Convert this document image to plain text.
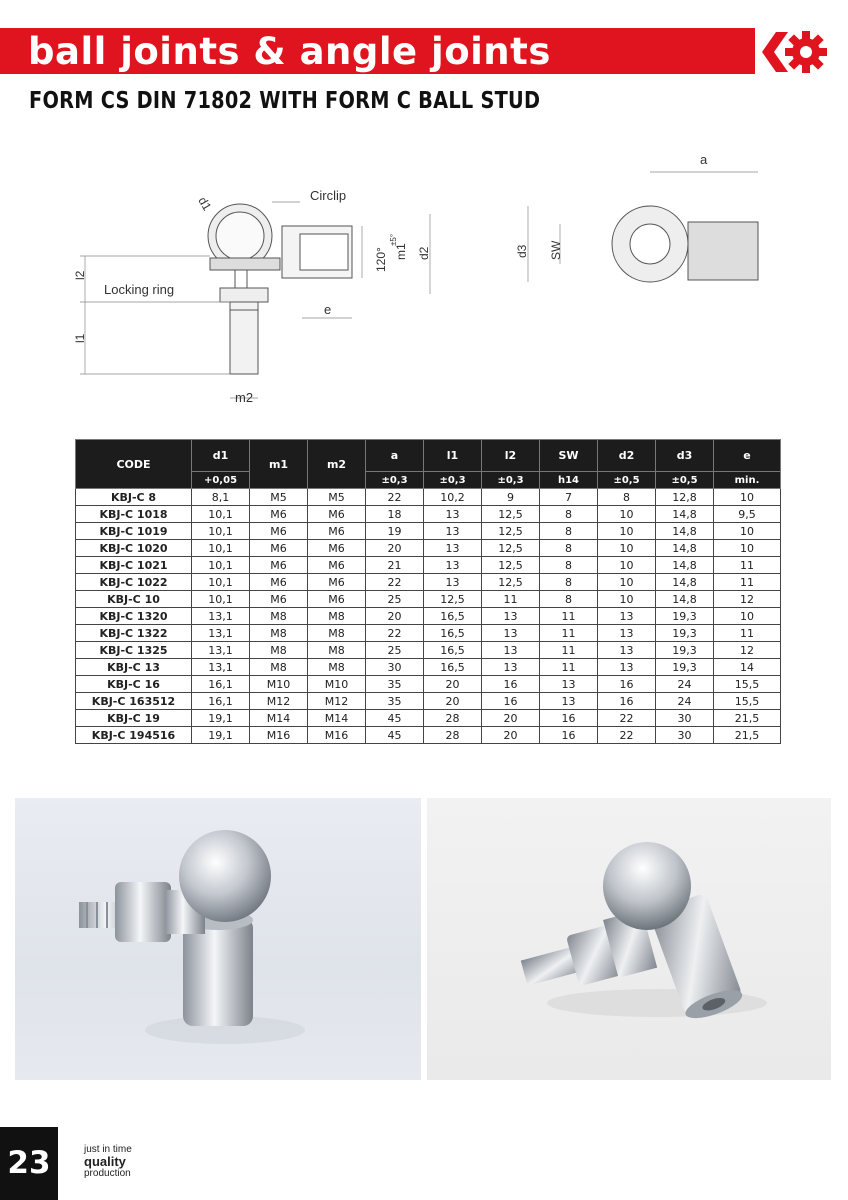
ball joints & angle joints
FORM CS DIN 71802 WITH FORM C BALL STUD
d1	Circlip
l2
Locking ring
l1
m2
e
120°
±5°
m1 d2
a
d3 SW
CODE	d1	m1	m2	a	l1	l2	SW	d2	d3	e
	+0,05			±0,3	±0,3	±0,3	h14	±0,5	±0,5	min.
KBJ-C 8	8,1	M5	M5	22	10,2	9	7	8	12,8	10
KBJ-C 1018	10,1	M6	M6	18	13	12,5	8	10	14,8	9,5
KBJ-C 1019	10,1	M6	M6	19	13	12,5	8	10	14,8	10
KBJ-C 1020	10,1	M6	M6	20	13	12,5	8	10	14,8	10
KBJ-C 1021	10,1	M6	M6	21	13	12,5	8	10	14,8	11
KBJ-C 1022	10,1	M6	M6	22	13	12,5	8	10	14,8	11
KBJ-C 10	10,1	M6	M6	25	12,5	11	8	10	14,8	12
KBJ-C 1320	13,1	M8	M8	20	16,5	13	11	13	19,3	10
KBJ-C 1322	13,1	M8	M8	22	16,5	13	11	13	19,3	11
KBJ-C 1325	13,1	M8	M8	25	16,5	13	11	13	19,3	12
KBJ-C 13	13,1	M8	M8	30	16,5	13	11	13	19,3	14
KBJ-C 16	16,1	M10	M10	35	20	16	13	16	24	15,5
KBJ-C 163512	16,1	M12	M12	35	20	16	13	16	24	15,5
KBJ-C 19	19,1	M14	M14	45	28	20	16	22	30	21,5
KBJ-C 194516	19,1	M16	M16	45	28	20	16	22	30	21,5
23	just in time
quality
production
